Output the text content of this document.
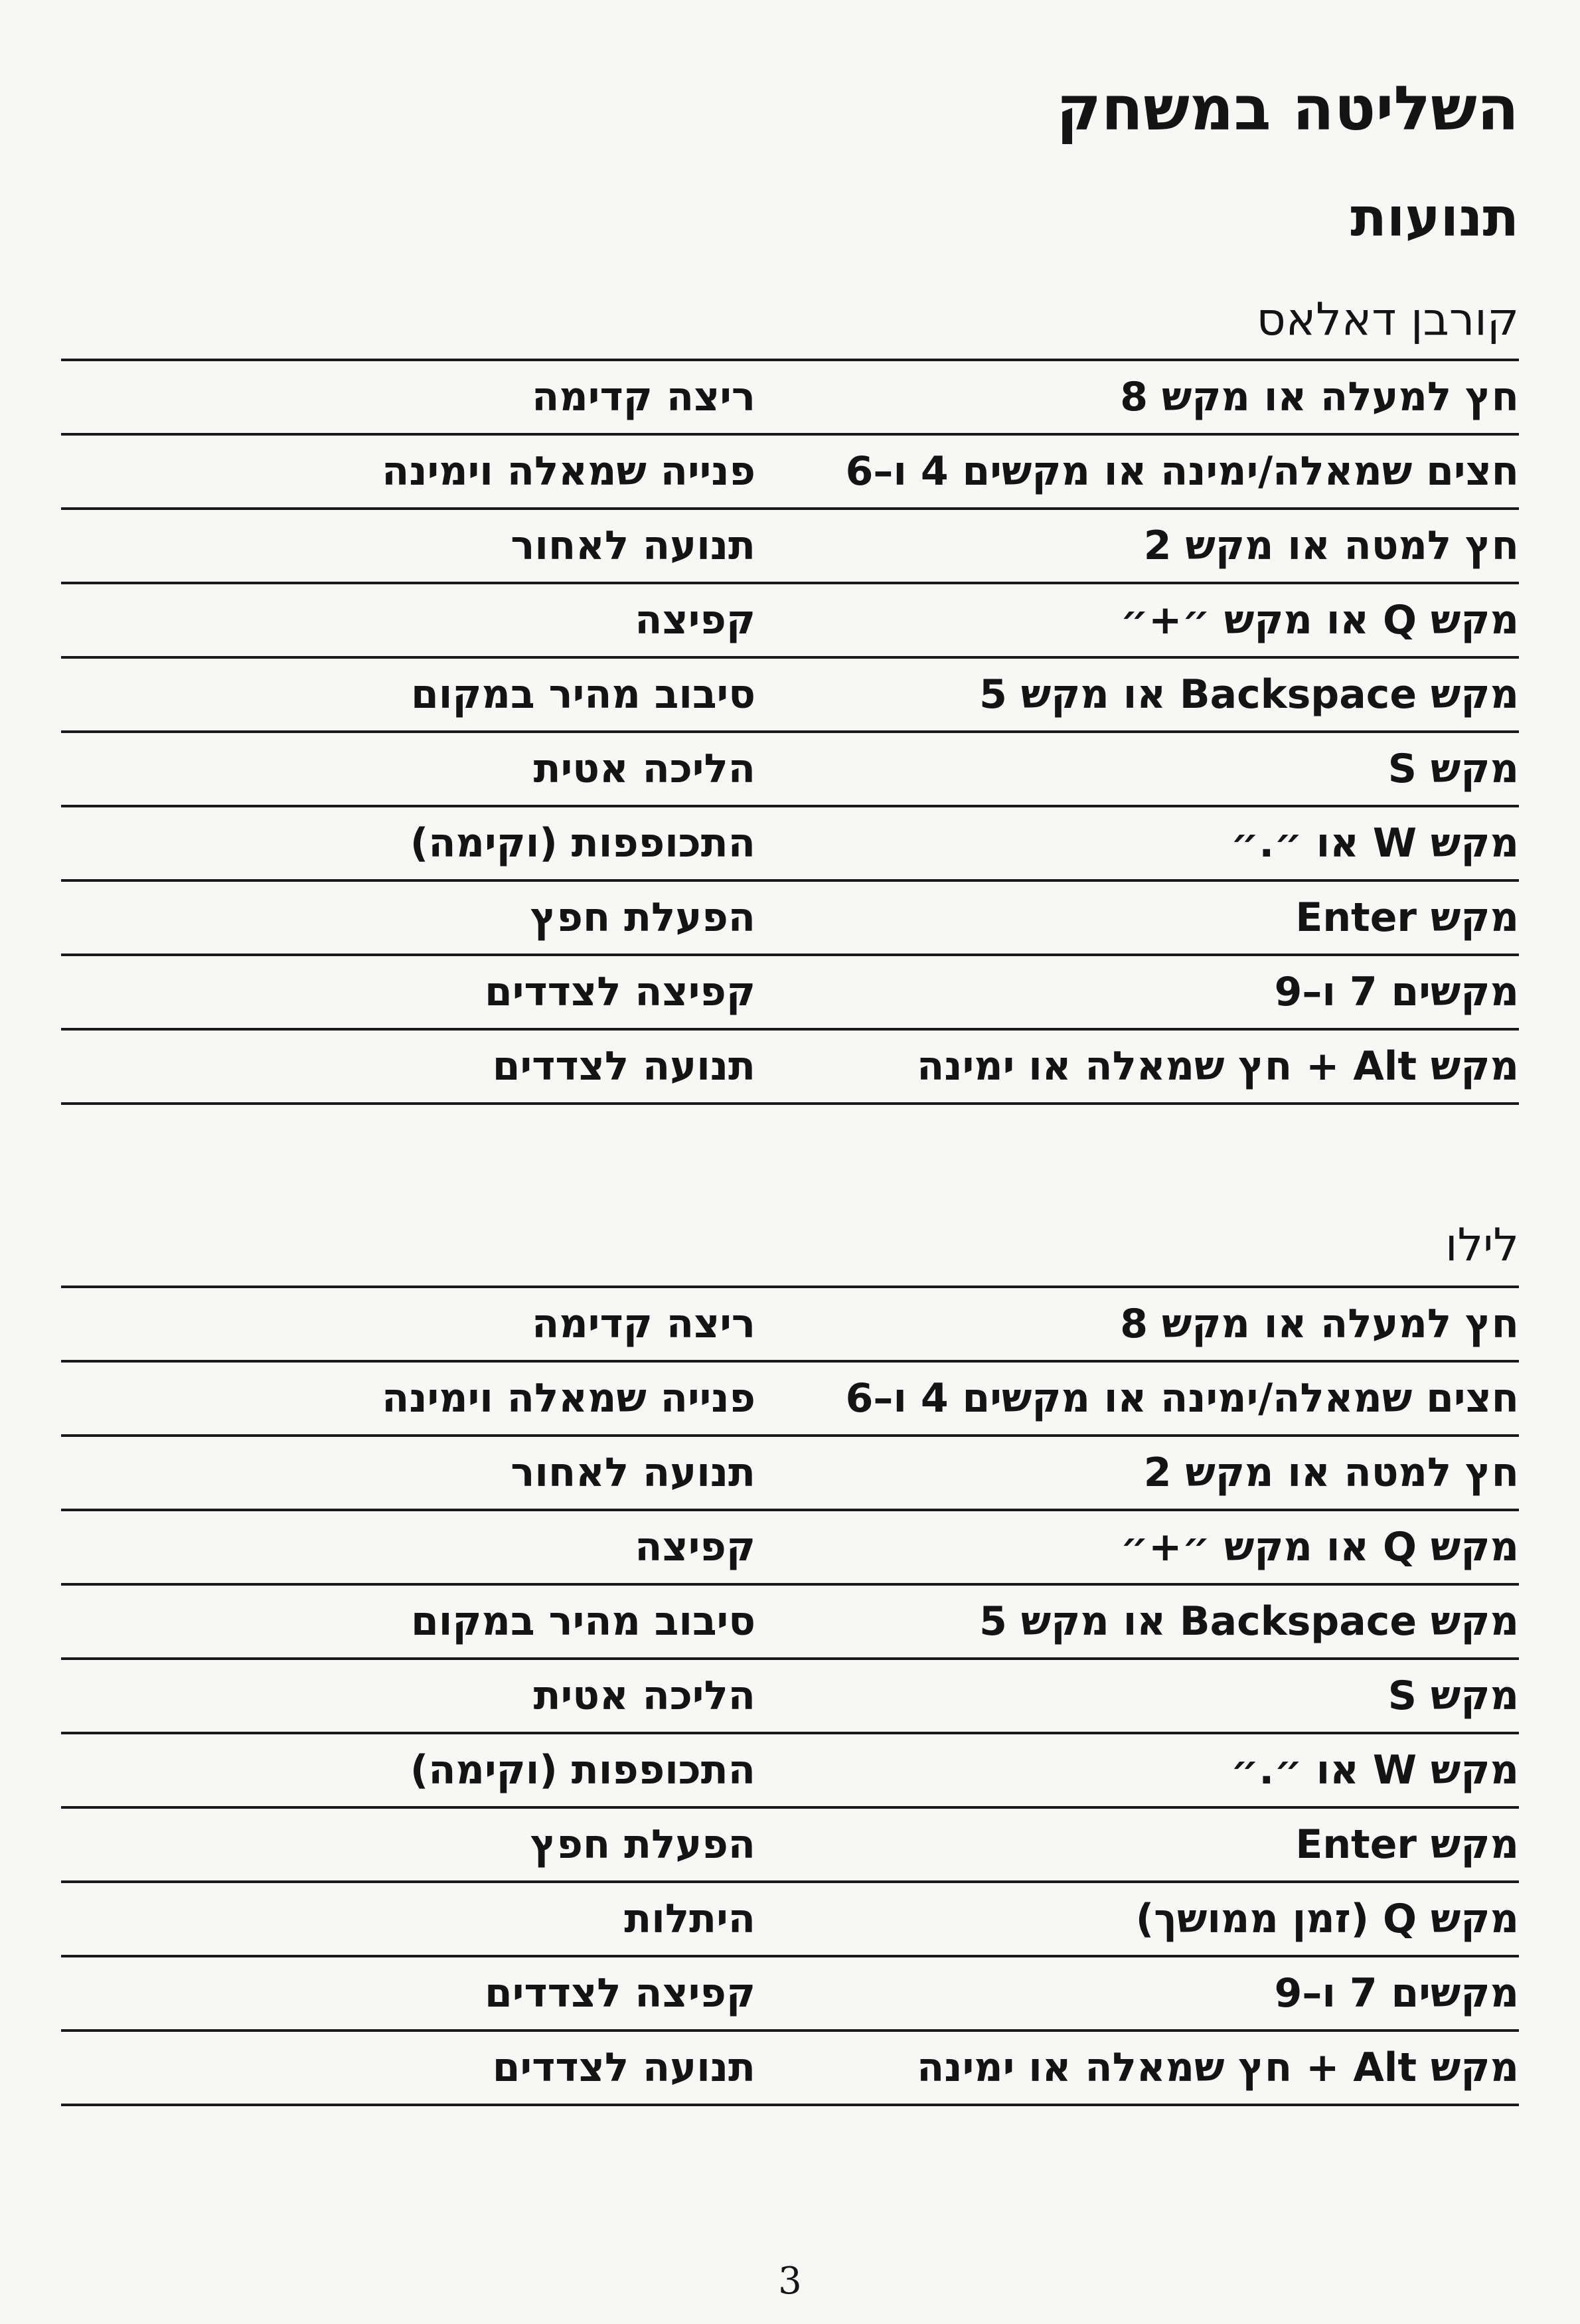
השליטה במשחק
תנועות
קורבן דאלאס
חץ למעלה או מקש 8
ריצה קדימה
חצים שמאלה/ימינה או מקשים 4 ו–6
פנייה שמאלה וימינה
חץ למטה או מקש 2
תנועה לאחור
מקש Q או מקש ״+״
קפיצה
מקש Backspace או מקש 5
סיבוב מהיר במקום
מקש S
הליכה אטית
מקש W או ״.״
התכופפות (וקימה)
מקש Enter
הפעלת חפץ
מקשים 7 ו–9
קפיצה לצדדים
מקש Alt + חץ שמאלה או ימינה
תנועה לצדדים
לילו
חץ למעלה או מקש 8
ריצה קדימה
חצים שמאלה/ימינה או מקשים 4 ו–6
פנייה שמאלה וימינה
חץ למטה או מקש 2
תנועה לאחור
מקש Q או מקש ״+״
קפיצה
מקש Backspace או מקש 5
סיבוב מהיר במקום
מקש S
הליכה אטית
מקש W או ״.״
התכופפות (וקימה)
מקש Enter
הפעלת חפץ
מקש Q (זמן ממושך)
היתלות
מקשים 7 ו–9
קפיצה לצדדים
מקש Alt + חץ שמאלה או ימינה
תנועה לצדדים
3
